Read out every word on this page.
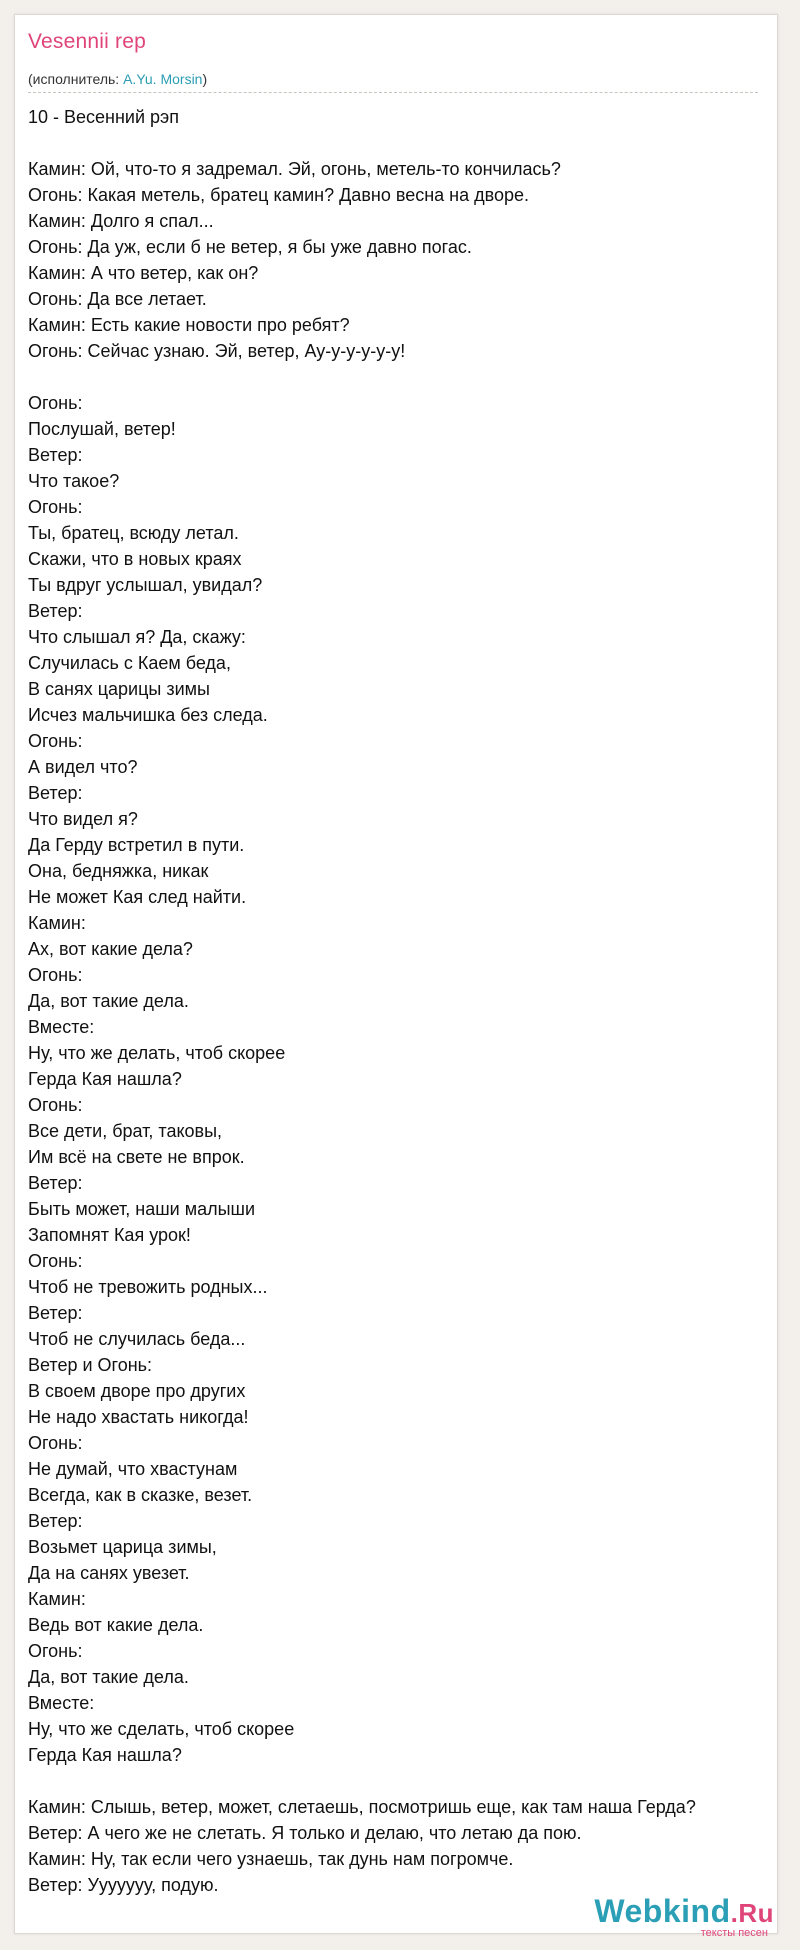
Vesennii rep
(исполнитель: A.Yu. Morsin)
10 - Весенний рэп

Камин: Ой, что-то я задремал. Эй, огонь, метель-то кончилась?
Огонь: Какая метель, братец камин? Давно весна на дворе.
Камин: Долго я спал...
Огонь: Да уж, если б не ветер, я бы уже давно погас.
Камин: А что ветер, как он?
Огонь: Да все летает.
Камин: Есть какие новости про ребят?
Огонь: Сейчас узнаю. Эй, ветер, Ау-у-у-у-у-у!

Огонь:
Послушай, ветер!
Ветер:
Что такое?
Огонь:
Ты, братец, всюду летал.
Скажи, что в новых краях
Ты вдруг услышал, увидал?
Ветер:
Что слышал я? Да, скажу:
Случилась с Каем беда,
В санях царицы зимы
Исчез мальчишка без следа.
Огонь:
А видел что?
Ветер:
Что видел я?
Да Герду встретил в пути.
Она, бедняжка, никак
Не может Кая след найти.
Камин:
Ах, вот какие дела?
Огонь:
Да, вот такие дела.
Вместе:
Ну, что же делать, чтоб скорее
Герда Кая нашла?
Огонь:
Все дети, брат, таковы,
Им всё на свете не впрок.
Ветер:
Быть может, наши малыши
Запомнят Кая урок!
Огонь:
Чтоб не тревожить родных...
Ветер:
Чтоб не случилась беда...
Ветер и Огонь:
В своем дворе про других
Не надо хвастать никогда!
Огонь:
Не думай, что хвастунам
Всегда, как в сказке, везет.
Ветер:
Возьмет царица зимы,
Да на санях увезет.
Камин:
Ведь вот какие дела.
Огонь:
Да, вот такие дела.
Вместе:
Ну, что же сделать, чтоб скорее
Герда Кая нашла?

Камин: Слышь, ветер, может, слетаешь, посмотришь еще, как там наша Герда?
Ветер: А чего же не слетать. Я только и делаю, что летаю да пою.
Камин: Ну, так если чего узнаешь, так дунь нам погромче.
Ветер: Ууууууу, подую.
Webkind.Ru
тексты песен
